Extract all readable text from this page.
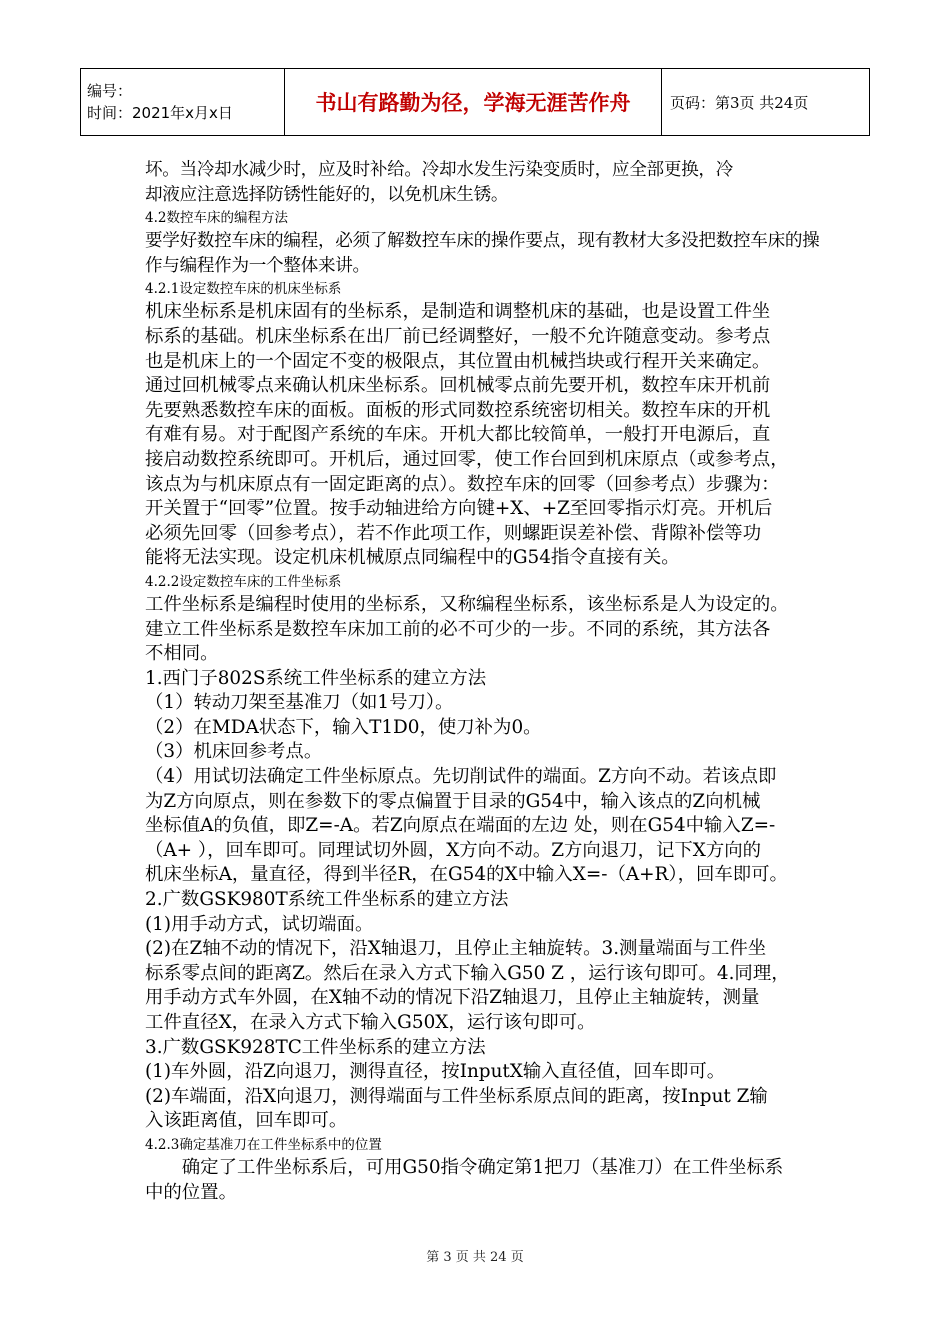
编号：
时间：2021年x月x日	书山有路勤为径，学海无涯苦作舟	页码：第3页 共24页
坏。当冷却水减少时，应及时补给。冷却水发生污染变质时，应全部更换，冷
却液应注意选择防锈性能好的，以免机床生锈。
4.2数控车床的编程方法
要学好数控车床的编程，必须了解数控车床的操作要点，现有教材大多没把数控车床的操
作与编程作为一个整体来讲。
4.2.1设定数控车床的机床坐标系
机床坐标系是机床固有的坐标系，是制造和调整机床的基础，也是设置工件坐
标系的基础。机床坐标系在出厂前已经调整好，一般不允许随意变动。参考点
也是机床上的一个固定不变的极限点，其位置由机械挡块或行程开关来确定。
通过回机械零点来确认机床坐标系。回机械零点前先要开机，数控车床开机前
先要熟悉数控车床的面板。面板的形式同数控系统密切相关。数控车床的开机
有难有易。对于配图产系统的车床。开机大都比较简单，一般打开电源后，直
接启动数控系统即可。开机后，通过回零，使工作台回到机床原点（或参考点，
该点为与机床原点有一固定距离的点）。数控车床的回零（回参考点）步骤为：
开关置于“回零”位置。按手动轴进给方向键+X、+Z至回零指示灯亮。开机后
必须先回零（回参考点），若不作此项工作，则螺距误差补偿、背隙补偿等功
能将无法实现。设定机床机械原点同编程中的G54指令直接有关。
4.2.2设定数控车床的工件坐标系
工件坐标系是编程时使用的坐标系，又称编程坐标系，该坐标系是人为设定的。
建立工件坐标系是数控车床加工前的必不可少的一步。不同的系统，其方法各
不相同。
1.西门子802S系统工件坐标系的建立方法
（1）转动刀架至基准刀（如1号刀）。
（2）在MDA状态下，输入T1D0，使刀补为0。
（3）机床回参考点。
（4）用试切法确定工件坐标原点。先切削试件的端面。Z方向不动。若该点即
为Z方向原点，则在参数下的零点偏置于目录的G54中，输入该点的Z向机械
坐标值A的负值，即Z=-A。若Z向原点在端面的左边 处，则在G54中输入Z=-
（A+ ），回车即可。同理试切外圆，X方向不动。Z方向退刀，记下X方向的
机床坐标A，量直径，得到半径R，在G54的X中输入X=-（A+R），回车即可。
2.广数GSK980T系统工件坐标系的建立方法
(1)用手动方式，试切端面。
(2)在Z轴不动的情况下，沿X轴退刀，且停止主轴旋转。3.测量端面与工件坐
标系零点间的距离Z。然后在录入方式下输入G50 Z ，运行该句即可。4.同理，
用手动方式车外圆，在X轴不动的情况下沿Z轴退刀，且停止主轴旋转，测量
工件直径X，在录入方式下输入G50X，运行该句即可。
3.广数GSK928TC工件坐标系的建立方法
(1)车外圆，沿Z向退刀，测得直径，按InputX输入直径值，回车即可。
(2)车端面，沿X向退刀，测得端面与工件坐标系原点间的距离，按Input Z输
入该距离值，回车即可。
4.2.3确定基准刀在工件坐标系中的位置
　　确定了工件坐标系后，可用G50指令确定第1把刀（基准刀）在工件坐标系
中的位置。
第 3 页 共 24 页
